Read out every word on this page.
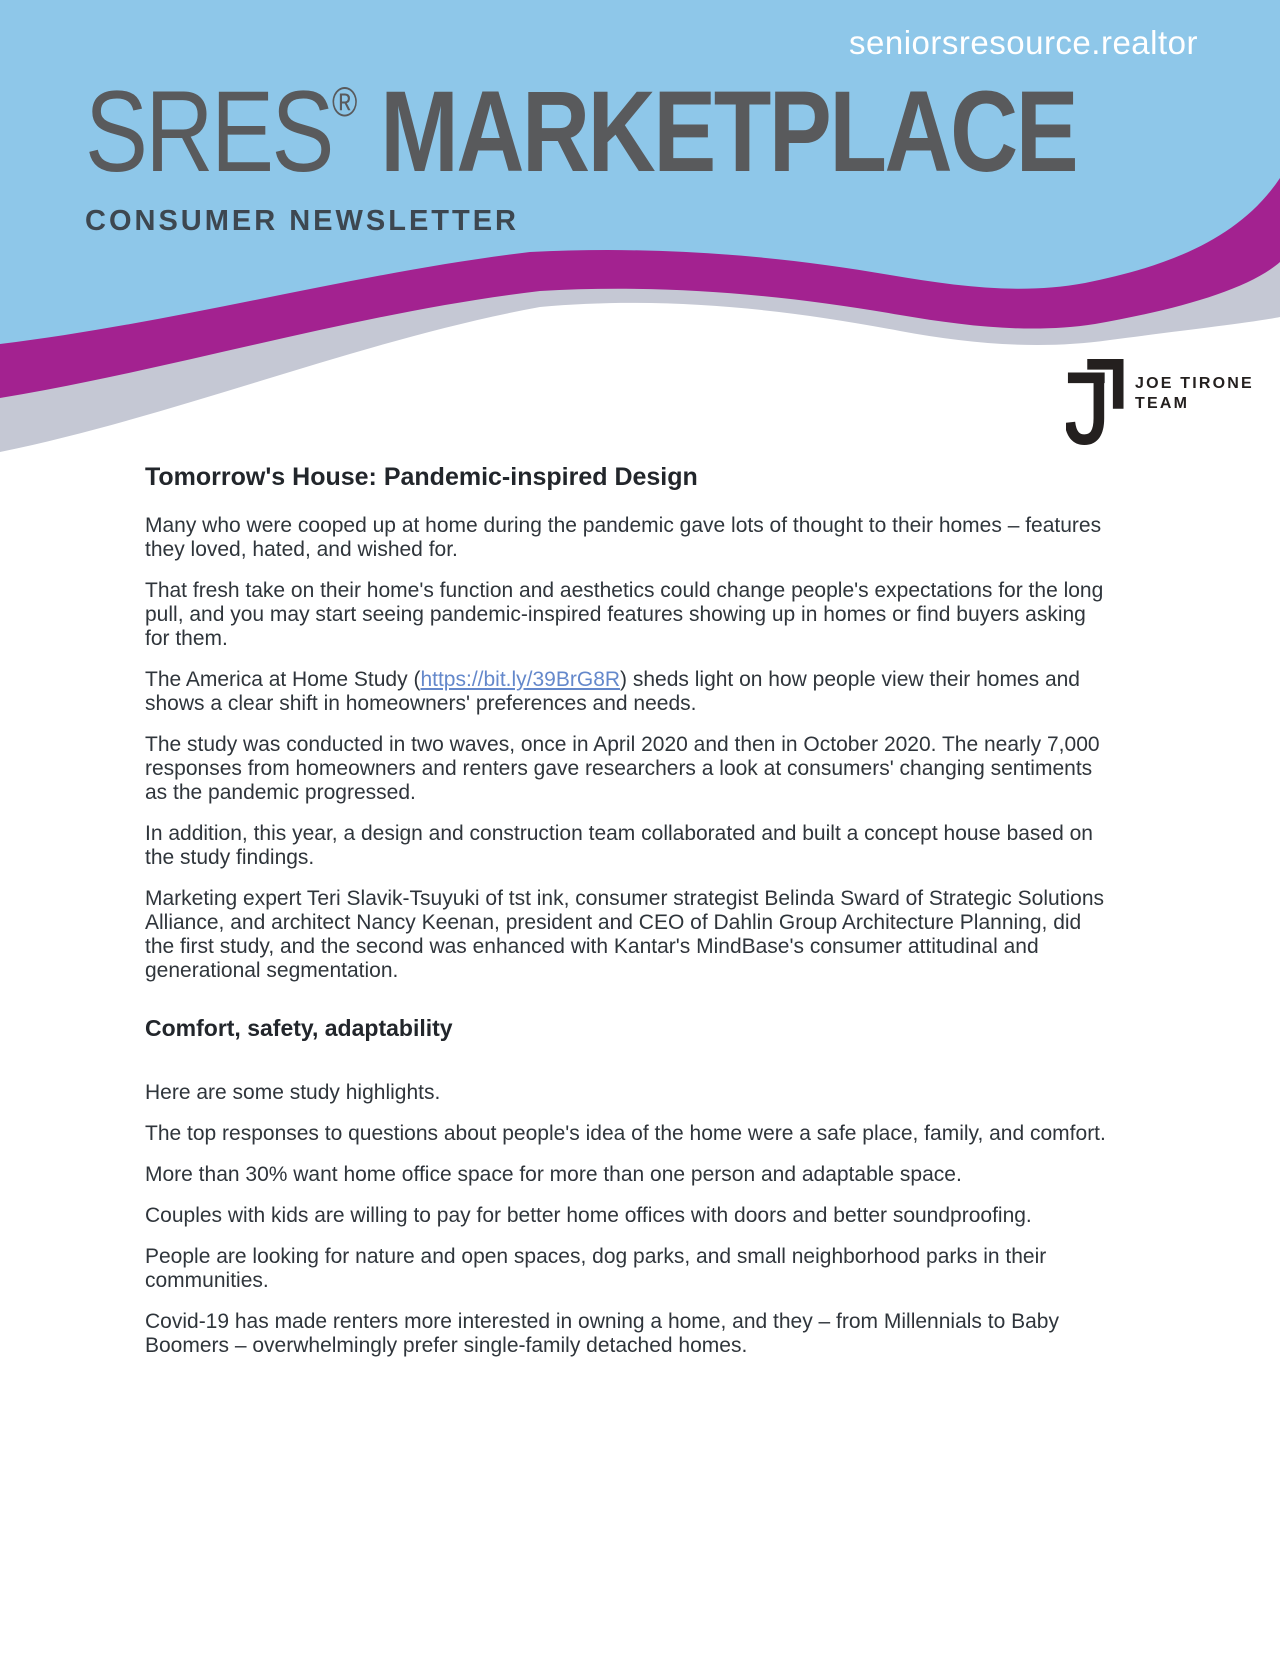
seniorsresource.realtor
SRES ® MARKETPLACE
CONSUMER NEWSLETTER
JOE TIRONE
TEAM
Tomorrow's House: Pandemic-inspired Design

Many who were cooped up at home during the pandemic gave lots of thought to their homes – features they loved, hated, and wished for.

That fresh take on their home's function and aesthetics could change people's expectations for the long pull, and you may start seeing pandemic-inspired features showing up in homes or find buyers asking for them.

The America at Home Study (https://bit.ly/39BrG8R) sheds light on how people view their homes and shows a clear shift in homeowners' preferences and needs.

The study was conducted in two waves, once in April 2020 and then in October 2020. The nearly 7,000 responses from homeowners and renters gave researchers a look at consumers' changing sentiments as the pandemic progressed.

In addition, this year, a design and construction team collaborated and built a concept house based on the study findings.

Marketing expert Teri Slavik-Tsuyuki of tst ink, consumer strategist Belinda Sward of Strategic Solutions Alliance, and architect Nancy Keenan, president and CEO of Dahlin Group Architecture Planning, did the first study, and the second was enhanced with Kantar's MindBase's consumer attitudinal and generational segmentation.

Comfort, safety, adaptability

Here are some study highlights.

The top responses to questions about people's idea of the home were a safe place, family, and comfort.

More than 30% want home office space for more than one person and adaptable space.

Couples with kids are willing to pay for better home offices with doors and better soundproofing.

People are looking for nature and open spaces, dog parks, and small neighborhood parks in their communities.

Covid-19 has made renters more interested in owning a home, and they – from Millennials to Baby Boomers – overwhelmingly prefer single-family detached homes.
